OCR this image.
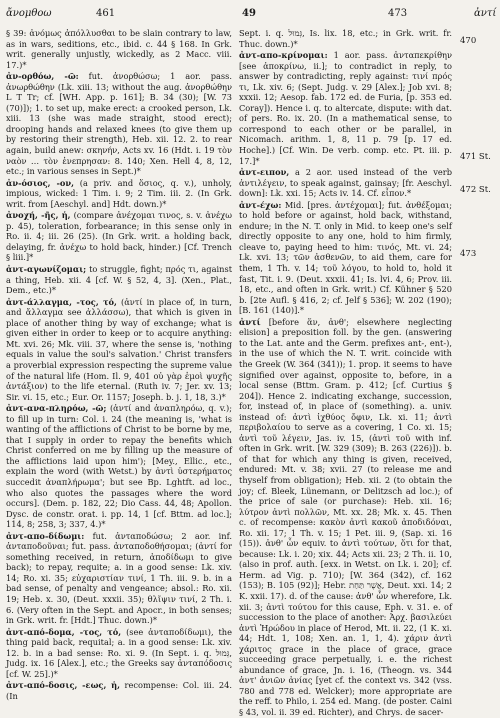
ἄνομθοω	461	49	473	ἀντί

§ 39: ἀνόμως ἀπόλλυσθαι to be slain contrary to law, as in wars, seditions, etc., ibid. c. 44 § 168. In Grk. writ. generally unjustly, wickedly, as 2 Macc. viii. 17.)*

ἀν-ορθόω, -ῶ: fut. ἀνορθώσω; 1 aor. pass. ἀνωρθώθην (Lk. xiii. 13; without the aug. ἀνορθώθην L T Tr; cf. [WH. App. p. 161]; B. 34 (30); [W. 73 (70)]); 1. to set up, make erect: a crooked person, Lk. xiii. 13 (she was made straight, stood erect); drooping hands and relaxed knees (to give them up by restoring their strength), Heb. xii. 12. 2. to rear again, build anew: σκηνήν, Acts xv. 16 (Hdt. i. 19 τὸν ναὸν … τὸν ἐνεπρησαν: 8. 140; Xen. Hell 4, 8, 12, etc.; in various senses in Sept.)*

ἀν-όσιος, -ον, (a priv. and ὅσιος, q. v.), unholy, impious, wicked: 1 Tim. i. 9; 2 Tim. iii. 2. (In Grk. writ. from [Aeschyl. and] Hdt. down.)*

ἀνοχή, -ῆς, ἡ, (compare ἀνέχομαι τινος, s. v. ἀνέχω p. 45), toleration, forbearance; in this sense only in Ro. ii. 4; iii. 26 (25). (In Grk. writ. a holding back, delaying, fr. ἀνέχω to hold back, hinder.) [Cf. Trench § liii.]*

ἀντ-αγωνίζομαι; to struggle, fight; πρός τι, against a thing, Heb. xii. 4 [cf. W. § 52, 4, 3]. (Xen., Plat., Dem., etc.)*

ἀντ-άλλαγμα, -τος, τό, (ἀντί in place of, in turn, and ἄλλαγμα see ἀλλάσσω), that which is given in place of another thing by way of exchange; what is given either in order to keep or to acquire anything: Mt. xvi. 26; Mk. viii. 37, where the sense is, 'nothing equals in value the soul's salvation.' Christ transfers a proverbial expression respecting the supreme value of the natural life (Hom. Il. 9, 401 οὐ γὰρ ἐμοὶ ψυχῆς ἀντάξιον) to the life eternal. (Ruth iv. 7; Jer. xv. 13; Sir. vi. 15, etc.; Eur. Or. 1157; Joseph. b. j. 1, 18, 3.)*

ἀντ-ανα-πληρόω, -ῶ; (ἀντί and ἀναπληρόω, q. v.); to fill up in turn: Col. i. 24 (the meaning is, 'what is wanting of the afflictions of Christ to be borne by me, that I supply in order to repay the benefits which Christ conferred on me by filling up the measure of the afflictions laid upon him'); [Mey., Ellic., etc., explain the word (with Wetst.) by ἀντὶ ὑστερήματος succedit ἀναπλήρωμα'; but see Bp. Lghtft. ad loc., who also quotes the passages where the word occurs]. (Dem. p. 182, 22; Dio Cass. 44, 48; Apollon. Dysc. de constr. orat. i. pp. 14, 1 [cf. Bttm. ad loc.]; 114, 8; 258, 3; 337, 4.)*

ἀντ-απο-δίδωμι: fut. ἀνταποδώσω; 2 aor. inf. ἀνταποδοῦναι; fut. pass. ἀνταποδοθήσομαι; (ἀντί for something received, in return, ἀποδίδωμι to give back); to repay, requite; a. in a good sense: Lk. xiv. 14; Ro. xi. 35; εὐχαριστίαν τινί, 1 Th. iii. 9. b. in a bad sense, of penalty and vengeance; absol.: Ro. xii. 19; Heb. x. 30, (Deut. xxxii. 35); θλῖψιν τινί, 2 Th. i. 6. (Very often in the Sept. and Apocr., in both senses; in Grk. writ. fr. [Hdt.] Thuc. down.)*

ἀντ-από-δομα, -τος, τό, (see ἀνταποδίδωμι), the thing paid back, requital; a. in a good sense: Lk. xiv. 12. b. in a bad sense: Ro. xi. 9. (In Sept. i. q. גְּמוּל, Judg. ix. 16 [Alex.], etc.; the Greeks say ἀνταπόδοσις [cf. W. 25].)*

ἀντ-από-δοσις, -εως, ἡ, recompense: Col. iii. 24. (In

Sept. i. q. גְּמוּל, Is. lix. 18, etc.; in Grk. writ. fr. Thuc. down.)*

ἀντ-απο-κρίνομαι: 1 aor. pass. ἀνταπεκρίθην [see ἀποκρίνω, ii.]; to contradict in reply, to answer by contradicting, reply against: τινί πρός τι, Lk. xiv. 6; (Sept. Judg. v. 29 [Alex.]; Job xvi. 8; xxxii. 12; Aesop. fab. 172 ed. de Furia, [p. 353 ed. Coray]). Hence i. q. to altercate, dispute: with dat. of pers. Ro. ix. 20. (In a mathematical sense, to correspond to each other or be parallel, in Nicomach. arithm. 1, 8, 11 p. 79 [p. 17 ed. Hoche].) [Cf. Win. De verb. comp. etc. Pt. iii. p. 17.]*

ἀντ-ειπον, a 2 aor. used instead of the verb ἀντιλέγειν, to speak against, gainsay; [fr. Aeschyl. down]: Lk. xxi. 15; Acts iv. 14. Cf. εἶπον.*

ἀντ-έχω: Mid. [pres. ἀντέχομαι]; fut. ἀνθέξομαι; to hold before or against, hold back, withstand, endure; in the N. T. only in Mid. to keep one's self directly opposite to any one, hold to him firmly, cleave to, paying heed to him: τινός, Mt. vi. 24; Lk. xvi. 13; τῶν ἀσθενῶν, to aid them, care for them, 1 Th. v. 14; τοῦ λόγου, to hold to, hold it fast, Tit. i. 9. (Deut. xxxii. 41; Is. lvi. 4, 6; Prov. iii. 18, etc., and often in Grk. writ.) Cf. Kühner § 520 b. [2te Aufl. § 416, 2; cf. Jelf § 536]; W. 202 (190); [B. 161 (140)].*

ἀντί [before ἅν, ἀνθ'; elsewhere neglecting elision] a preposition foll. by the gen. (answering to the Lat. ante and the Germ. prefixes ant-, ent-), in the use of which the N. T. writ. coincide with the Greek (W. 364 (341)); 1. prop. it seems to have signified over against, opposite to, before, in a local sense (Bttm. Gram. p. 412; [cf. Curtius § 204]). Hence 2. indicating exchange, succession, for, instead of, in place of (something). a. univ. instead of: ἀντὶ ἰχθύος ὄφιν, Lk. xi. 11; ἀντὶ περιβολαίου to serve as a covering, 1 Co. xi. 15; ἀντὶ τοῦ λέγειν, Jas. iv. 15, (ἀντὶ τοῦ with inf. often in Grk. writ. [W. 329 (309); B. 263 (226)]). b. of that for which any thing is given, received, endured: Mt. v. 38; xvii. 27 (to release me and thyself from obligation); Heb. xii. 2 (to obtain the joy; cf. Bleek, Lünemann, or Delitzsch ad loc.); of the price of sale (or purchase): Heb. xii. 16; λύτρον ἀντὶ πολλῶν, Mt. xx. 28; Mk. x. 45. Then c. of recompense: κακὸν ἀντὶ κακοῦ ἀποδιδόναι, Ro. xii. 17; 1 Th. v. 15; 1 Pet. iii. 9, (Sap. xi. 16 (15)). ἀνθ' ὧν equiv. to ἀντὶ τούτων, ὅτι for that, because: Lk. i. 20; xix. 44; Acts xii. 23; 2 Th. ii. 10, (also in prof. auth. [exx. in Wetst. on Lk. i. 20]; cf. Herm. ad Vig. p. 710); [W. 364 (342), cf. 162 (153); B. 105 (92)]; Hebr. אֲשֶׁר תַּחַת, Deut. xxi. 14; 2 K. xxii. 17). d. of the cause: ἀνθ' ὧν wherefore, Lk. xii. 3; ἀντὶ τούτου for this cause, Eph. v. 31. e. of succession to the place of another: Ἀρχ. βασιλεύει ἀντὶ Ἡρώδου in place of Herod, Mt. ii. 22, (1 K. xi. 44; Hdt. 1, 108; Xen. an. 1, 1, 4). χάριν ἀντὶ χάριτος grace in the place of grace, grace succeeding grace perpetually, i. e. the richest abundance of grace, Jn. i. 16, (Theogn. vs. 344 ἀντ' ἀνιῶν ἀνίας [yet cf. the context vs. 342 (vss. 780 and 778 ed. Welcker); more appropriate are the reff. to Philo, i. 254 ed. Mang. (de poster. Caini § 43, vol. ii. 39 ed. Richter), and Chrys. de sacer-

470
471 St.
472 St.
473
